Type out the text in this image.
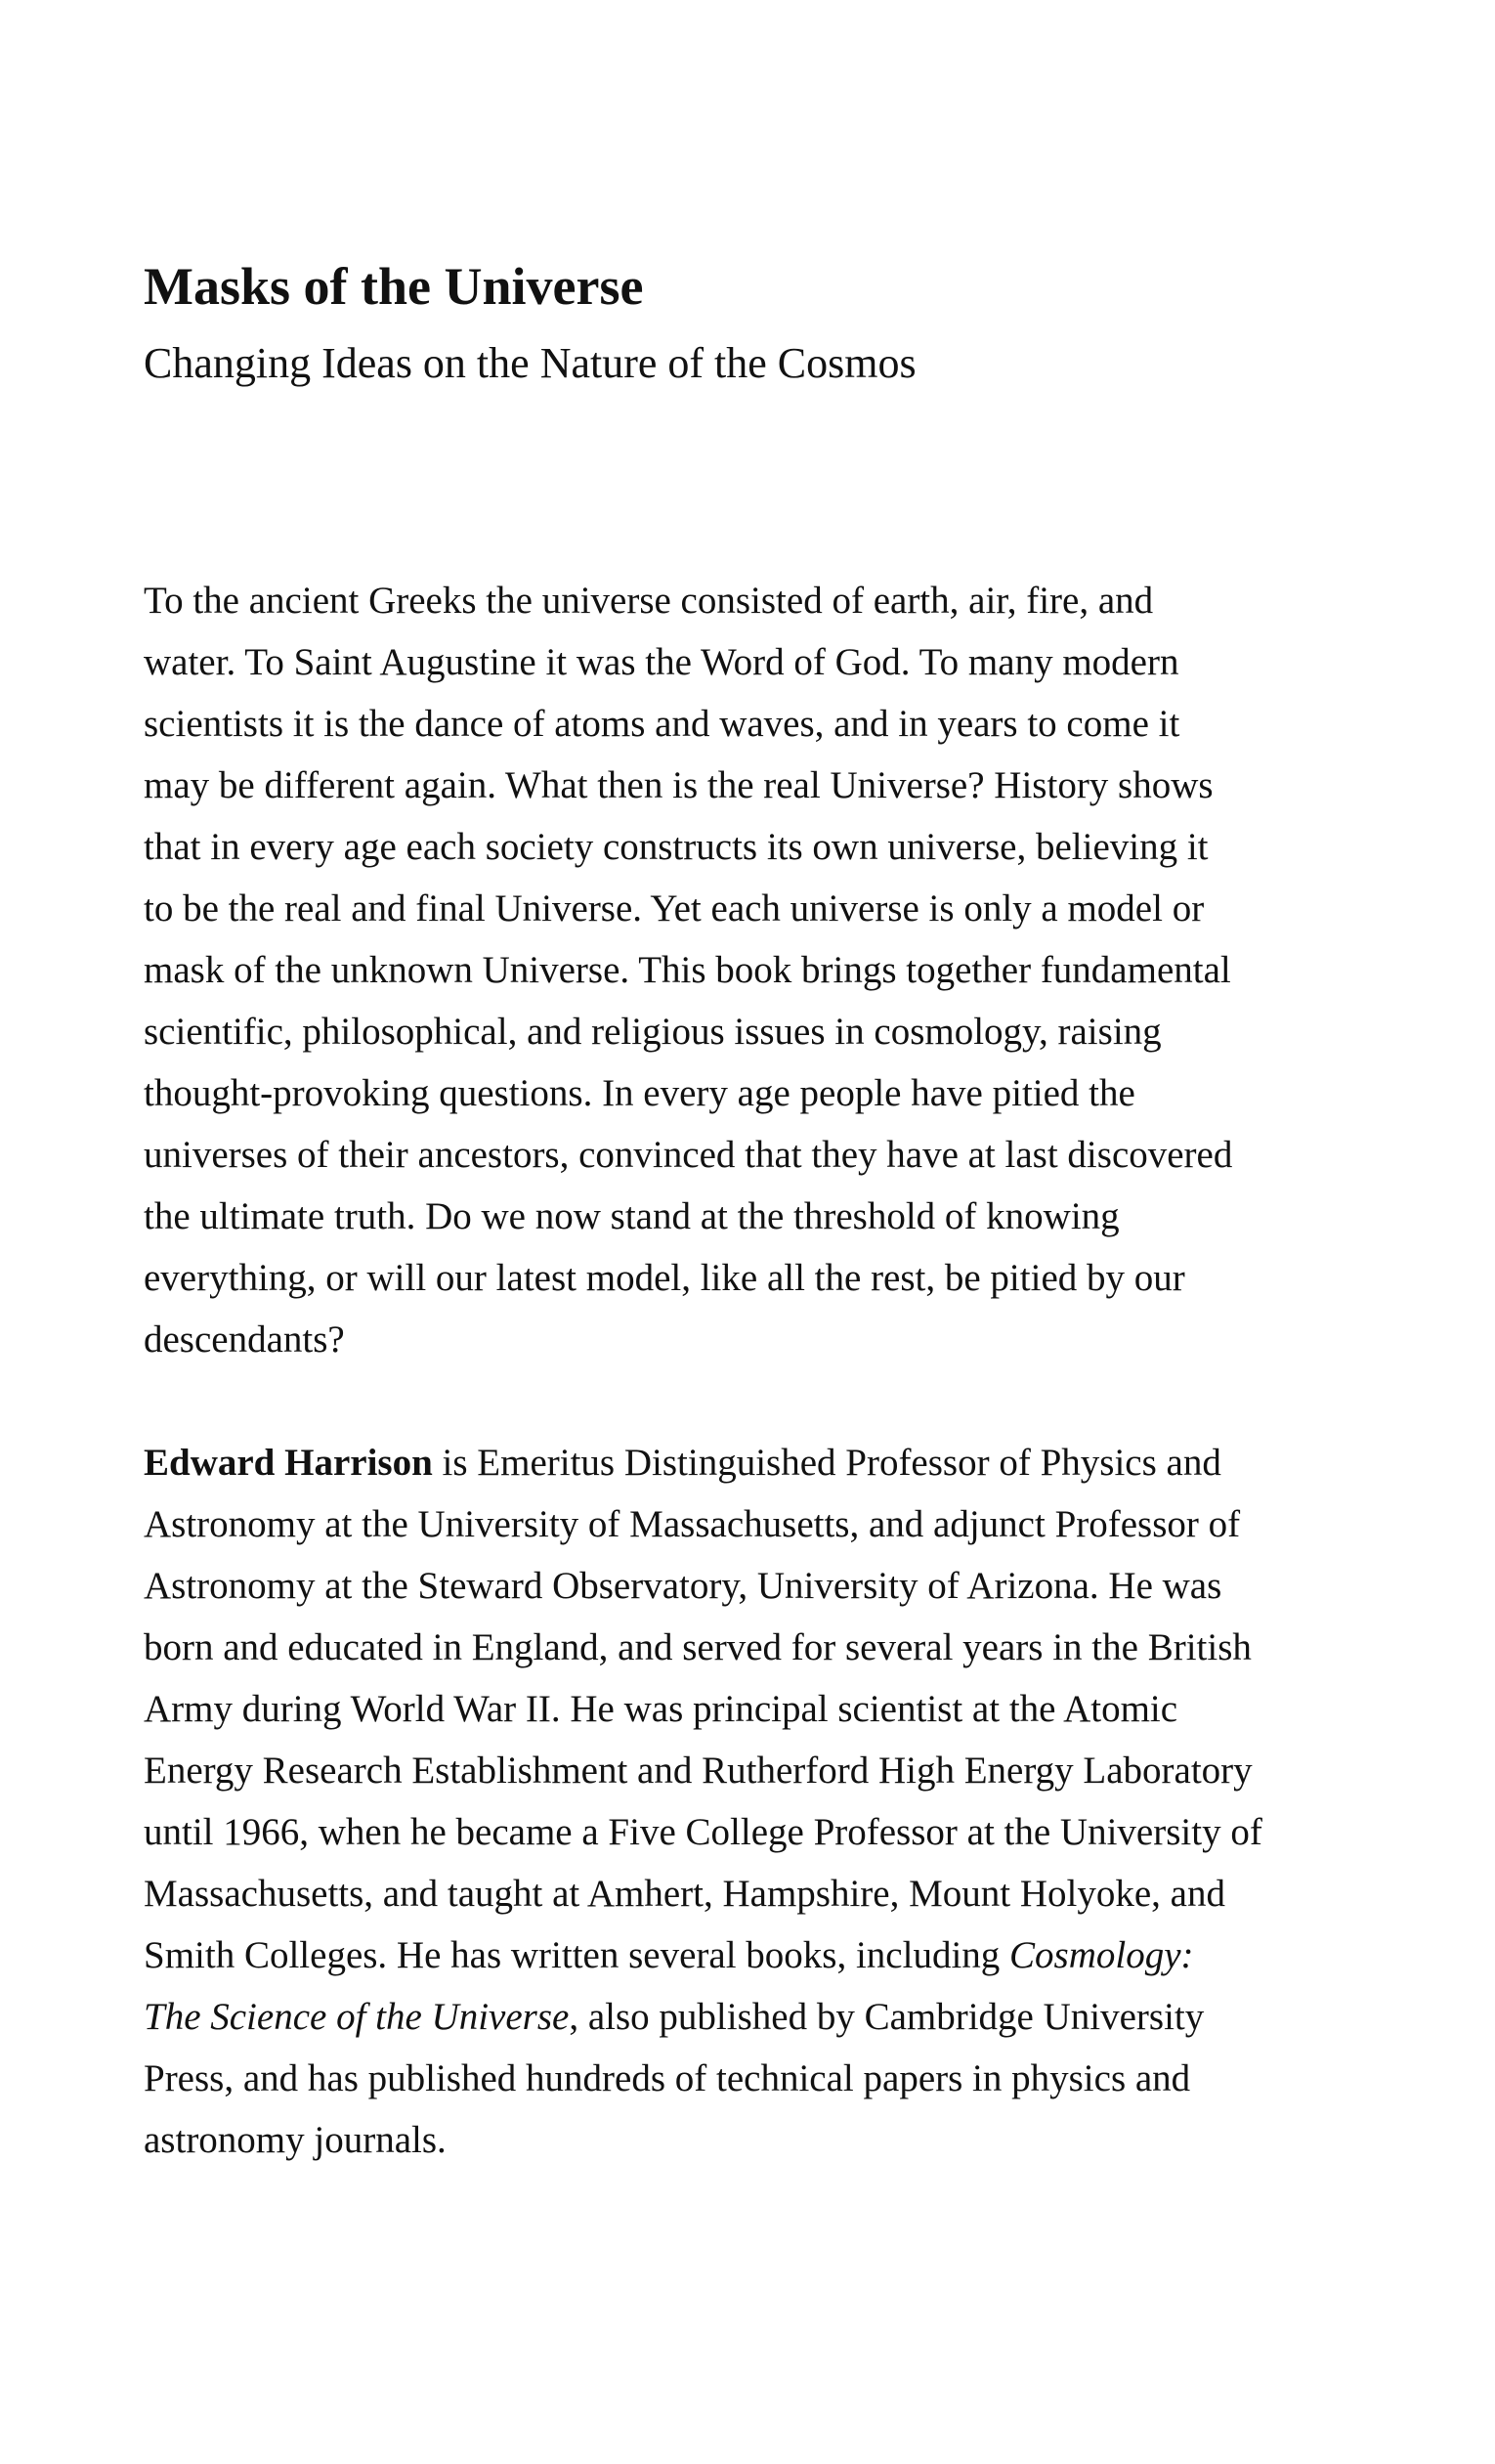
Masks of the Universe
Changing Ideas on the Nature of the Cosmos

To the ancient Greeks the universe consisted of earth, air, fire, and
water. To Saint Augustine it was the Word of God. To many modern
scientists it is the dance of atoms and waves, and in years to come it
may be different again. What then is the real Universe? History shows
that in every age each society constructs its own universe, believing it
to be the real and final Universe. Yet each universe is only a model or
mask of the unknown Universe. This book brings together fundamental
scientific, philosophical, and religious issues in cosmology, raising
thought-provoking questions. In every age people have pitied the
universes of their ancestors, convinced that they have at last discovered
the ultimate truth. Do we now stand at the threshold of knowing
everything, or will our latest model, like all the rest, be pitied by our
descendants?

Edward Harrison is Emeritus Distinguished Professor of Physics and
Astronomy at the University of Massachusetts, and adjunct Professor of
Astronomy at the Steward Observatory, University of Arizona. He was
born and educated in England, and served for several years in the British
Army during World War II. He was principal scientist at the Atomic
Energy Research Establishment and Rutherford High Energy Laboratory
until 1966, when he became a Five College Professor at the University of
Massachusetts, and taught at Amhert, Hampshire, Mount Holyoke, and
Smith Colleges. He has written several books, including Cosmology:
The Science of the Universe, also published by Cambridge University
Press, and has published hundreds of technical papers in physics and
astronomy journals.
